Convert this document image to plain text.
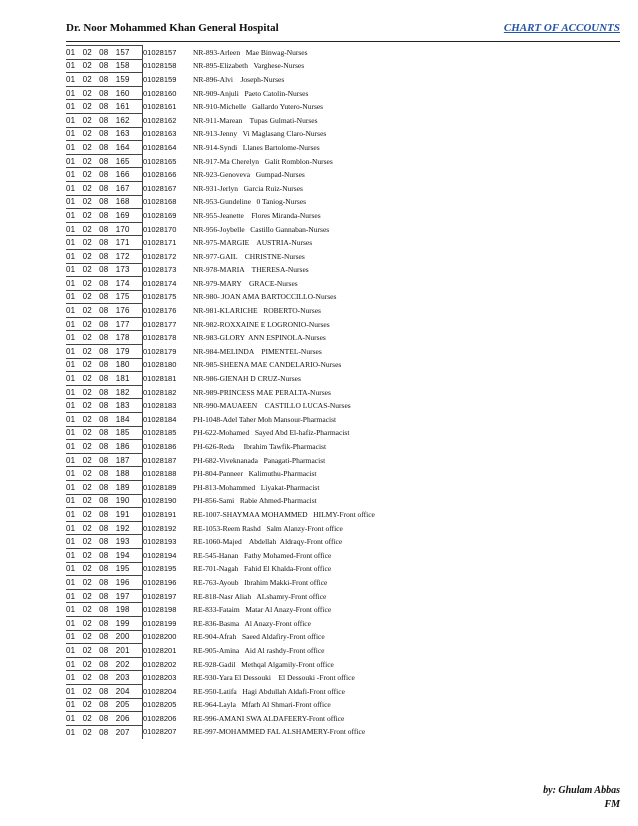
Dr. Noor Mohammed Khan General Hospital	CHART OF ACCOUNTS
01   02   08   157	01028157	NR-893-Arleen   Mae Binwag-Nurses
01   02   08   158	01028158	NR-895-Elizabeth   Varghese-Nurses
01   02   08   159	01028159	NR-896-Alvi    Joseph-Nurses
01   02   08   160	01028160	NR-909-Anjuli   Paeto Catolin-Nurses
01   02   08   161	01028161	NR-910-Michelle   Gallardo Yutero-Nurses
01   02   08   162	01028162	NR-911-Marean    Tupas Gulmati-Nurses
01   02   08   163	01028163	NR-913-Jenny   Vi Maglasang Claro-Nurses
01   02   08   164	01028164	NR-914-Syndi   Llanes Bartolome-Nurses
01   02   08   165	01028165	NR-917-Ma Cherelyn   Galit Romblon-Nurses
01   02   08   166	01028166	NR-923-Genoveva   Gumpad-Nurses
01   02   08   167	01028167	NR-931-Jerlyn   Garcia Ruiz-Nurses
01   02   08   168	01028168	NR-953-Gundeline   0 Taniog-Nurses
01   02   08   169	01028169	NR-955-Jeanette    Flores Miranda-Nurses
01   02   08   170	01028170	NR-956-Joybelle   Castillo Gannaban-Nurses
01   02   08   171	01028171	NR-975-MARGIE    AUSTRIA-Nurses
01   02   08   172	01028172	NR-977-GAIL    CHRISTNE-Nurses
01   02   08   173	01028173	NR-978-MARIA    THERESA-Nurses
01   02   08   174	01028174	NR-979-MARY    GRACE-Nurses
01   02   08   175	01028175	NR-980- JOAN AMA BARTOCCILLO-Nurses
01   02   08   176	01028176	NR-981-KLARICHE   ROBERTO-Nurses
01   02   08   177	01028177	NR-982-ROXXAINE E LOGRONIO-Nurses
01   02   08   178	01028178	NR-983-GLORY  ANN ESPINOLA-Nurses
01   02   08   179	01028179	NR-984-MELINDA    PIMENTEL-Nurses
01   02   08   180	01028180	NR-985-SHEENA MAE CANDELARIO-Nurses
01   02   08   181	01028181	NR-986-GIENAH D CRUZ-Nurses
01   02   08   182	01028182	NR-989-PRINCESS MAE PERALTA-Nurses
01   02   08   183	01028183	NR-990-MAUAEEN    CASTILLO LUCAS-Nurses
01   02   08   184	01028184	PH-1048-Adel Taher Moh Mansour-Pharmacist
01   02   08   185	01028185	PH-622-Mohamed   Sayed Abd El-hafiz-Pharmacist
01   02   08   186	01028186	PH-626-Reda     Ibrahim Tawfik-Pharmacist
01   02   08   187	01028187	PH-682-Viveknanada   Panagati-Pharmacist
01   02   08   188	01028188	PH-804-Panneer   Kalimuthu-Pharmacist
01   02   08   189	01028189	PH-813-Mohammed   Liyakat-Pharmacist
01   02   08   190	01028190	PH-856-Sami   Rabie Ahmed-Pharmacist
01   02   08   191	01028191	RE-1007-SHAYMAA MOHAMMED   HILMY-Front office
01   02   08   192	01028192	RE-1053-Reem Rashd   Salm Alanzy-Front office
01   02   08   193	01028193	RE-1060-Majed    Abdellah  Aldraqy-Front office
01   02   08   194	01028194	RE-545-Hanan   Fathy Mohamed-Front office
01   02   08   195	01028195	RE-701-Nagah   Fahid El Khalda-Front office
01   02   08   196	01028196	RE-763-Ayoub   Ibrahim Makki-Front office
01   02   08   197	01028197	RE-818-Nasr Aliah   ALshamry-Front office
01   02   08   198	01028198	RE-833-Fataim   Matar Al Anazy-Front office
01   02   08   199	01028199	RE-836-Basma   Al Anazy-Front office
01   02   08   200	01028200	RE-904-Afrah   Saeed Aldafiry-Front office
01   02   08   201	01028201	RE-905-Amina   Aid Al rashdy-Front office
01   02   08   202	01028202	RE-928-Gadil   Methqal Algamily-Front office
01   02   08   203	01028203	RE-930-Yara El Dessouki    El Dessouki -Front office
01   02   08   204	01028204	RE-950-Latifa   Hagi Abdullah Aldafi-Front office
01   02   08   205	01028205	RE-964-Layla   Mfarh Al Shmari-Front office
01   02   08   206	01028206	RE-996-AMANI SWA ALDAFEERY-Front office
01   02   08   207	01028207	RE-997-MOHAMMED FAL ALSHAMERY-Front office
by: Ghulam Abbas
FM
